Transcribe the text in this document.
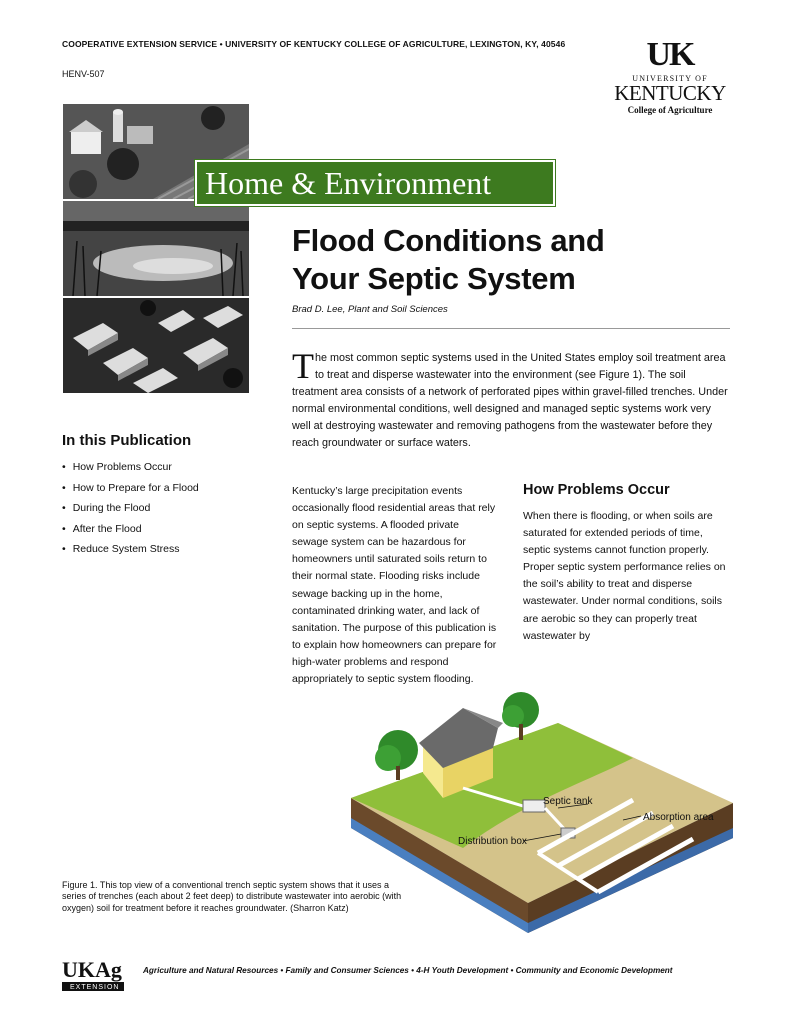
COOPERATIVE EXTENSION SERVICE • UNIVERSITY OF KENTUCKY COLLEGE OF AGRICULTURE, LEXINGTON, KY, 40546
HENV-507
UK
UNIVERSITY OF
KENTUCKY
College of Agriculture
Home & Environment
Flood Conditions and
Your Septic System
Brad D. Lee, Plant and Soil Sciences
The most common septic systems used in the United States employ soil treatment area to treat and disperse wastewater into the environment (see Figure 1). The soil treatment area consists of a network of perforated pipes within gravel-filled trenches. Under normal environmental conditions, well designed and managed septic systems work very well at destroying wastewater and removing pathogens from the wastewater before they reach groundwater or surface waters.
In this Publication
• How Problems Occur
• How to Prepare for a Flood
• During the Flood
• After the Flood
• Reduce System Stress
Kentucky’s large precipitation events occasionally flood residential areas that rely on septic systems. A flooded private sewage system can be hazardous for homeowners until saturated soils return to their normal state. Flooding risks include sewage backing up in the home, contaminated drinking water, and lack of sanitation. The purpose of this publication is to explain how homeowners can prepare for high-water problems and respond appropriately to septic system flooding.
How Problems Occur
When there is flooding, or when soils are saturated for extended periods of time, septic systems cannot function properly. Proper septic system performance relies on the soil’s ability to treat and disperse wastewater. Under normal conditions, soils are aerobic so they can properly treat wastewater by
Septic tank
Absorption area
Distribution box
Figure 1. This top view of a conventional trench septic system shows that it uses a series of trenches (each about 2 feet deep) to distribute wastewater into aerobic (with oxygen) soil for treatment before it reaches groundwater. (Sharron Katz)
UKAg
EXTENSION
Agriculture and Natural Resources • Family and Consumer Sciences • 4-H Youth Development • Community and Economic Development
